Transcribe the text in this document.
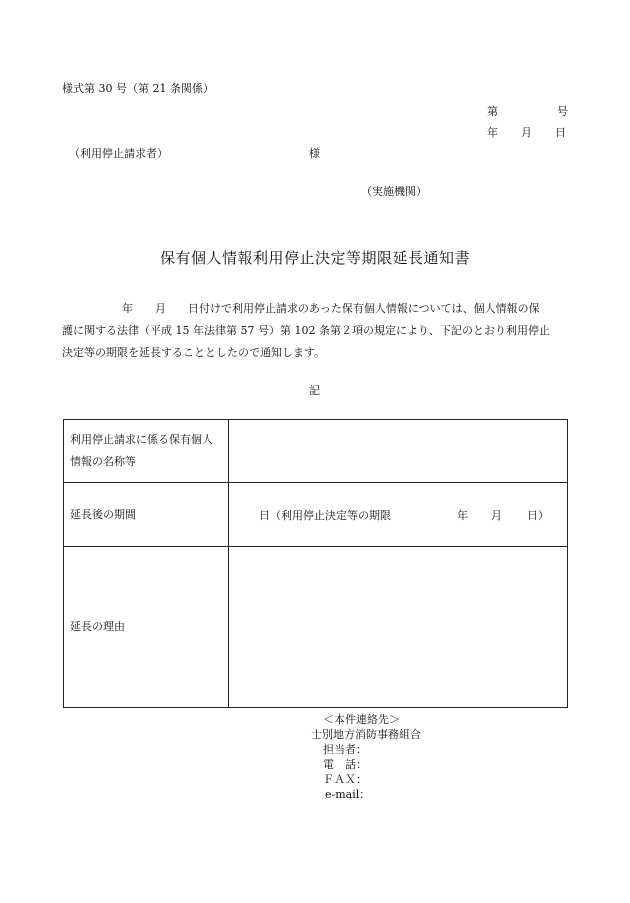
様式第 30 号（第 21 条関係）
第	号
年 月 日
（利用停止請求者）	様
（実施機関）
保有個人情報利用停止決定等期限延長通知書
年　　月　　日付けで利用停止請求のあった保有個人情報については、個人情報の保
護に関する法律（平成 15 年法律第 57 号）第 102 条第２項の規定により、下記のとおり利用停止
決定等の期限を延長することとしたので通知します。
記
利用停止請求に係る保有個人
情報の名称等	

延長後の期間	日（利用停止決定等の期限 年 月 日）

延長の理由	
＜本件連絡先＞
士別地方消防事務組合
担当者：
電　話：
ＦＡＸ：
e-mail：
